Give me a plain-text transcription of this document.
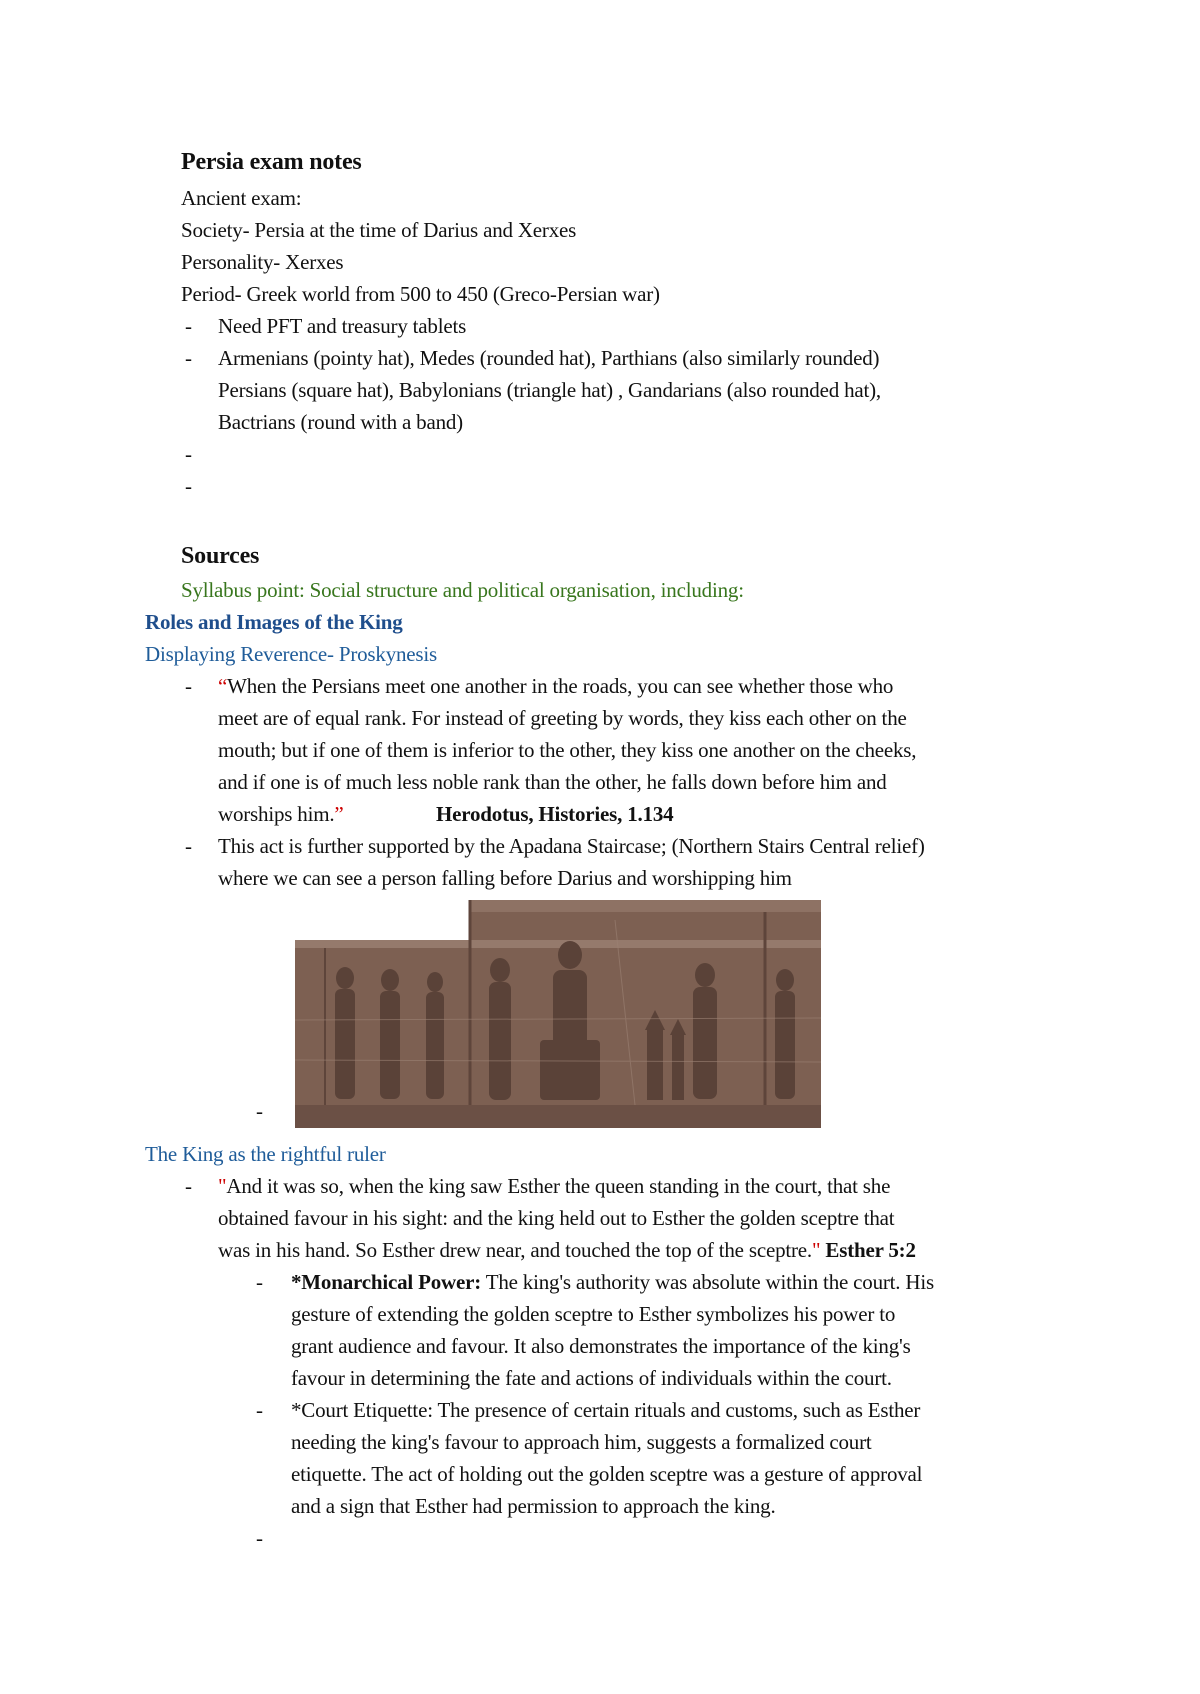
Persia exam notes
Ancient exam:
Society- Persia at the time of Darius and Xerxes
Personality- Xerxes
Period- Greek world from 500 to 450 (Greco-Persian war)
- Need PFT and treasury tablets
- Armenians (pointy hat), Medes (rounded hat), Parthians (also similarly rounded)
Persians (square hat), Babylonians (triangle hat) , Gandarians (also rounded hat),
Bactrians (round with a band)
-
-
Sources
Syllabus point: Social structure and political organisation, including:
Roles and Images of the King
Displaying Reverence- Proskynesis
- “When the Persians meet one another in the roads, you can see whether those who
meet are of equal rank. For instead of greeting by words, they kiss each other on the
mouth; but if one of them is inferior to the other, they kiss one another on the cheeks,
and if one is of much less noble rank than the other, he falls down before him and
worships him.”	Herodotus, Histories, 1.134
- This act is further supported by the Apadana Staircase; (Northern Stairs Central relief)
where we can see a person falling before Darius and worshipping him
-
The King as the rightful ruler
- "And it was so, when the king saw Esther the queen standing in the court, that she
obtained favour in his sight: and the king held out to Esther the golden sceptre that
was in his hand. So Esther drew near, and touched the top of the sceptre." Esther 5:2
- *Monarchical Power: The king's authority was absolute within the court. His
gesture of extending the golden sceptre to Esther symbolizes his power to
grant audience and favour. It also demonstrates the importance of the king's
favour in determining the fate and actions of individuals within the court.
- *Court Etiquette: The presence of certain rituals and customs, such as Esther
needing the king's favour to approach him, suggests a formalized court
etiquette. The act of holding out the golden sceptre was a gesture of approval
and a sign that Esther had permission to approach the king.
-
